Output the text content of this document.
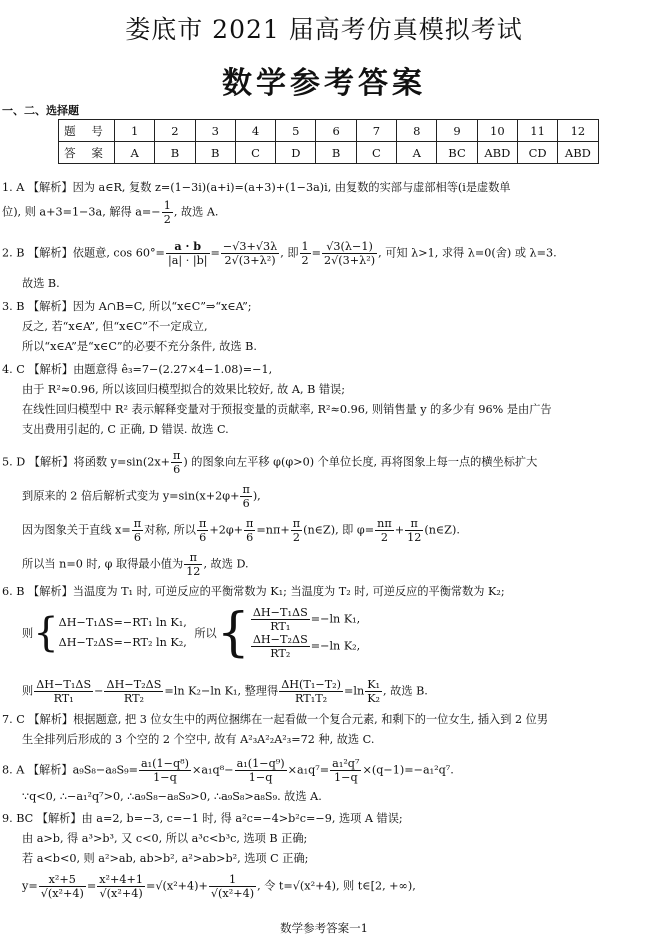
娄底市 2021 届高考仿真模拟考试
数学参考答案
一、二、选择题
题 号	1	2	3	4	5	6	7	8	9	10	11	12
答 案	A	B	B	C	D	B	C	A	BC	ABD	CD	ABD
1. A 【解析】因为 a∈R, 复数 z=(1−3i)(a+i)=(a+3)+(1−3a)i, 由复数的实部与虚部相等(i是虚数单
位), 则 a+3=1−3a, 解得 $a=- \frac{1}{2}$ , 故选 A.
2. B 【解析】依题意, $\cos 60^\circ= \frac{a \cdot b}{|a| \cdot |b|} = \frac{-√3+√3\lambda}{\text{2√(3+λ²)}}$ , 即 $\frac{1}{2} = \frac{√3(\lambda-1)}{\text{2√(3+λ²)}}$ , 可知 λ>1, 求得 λ=0(舍) 或 λ=3.
故选 B.
3. B 【解析】因为 A∩B=C, 所以“x∈C”⇒“x∈A”;
反之, 若“x∈A”, 但“x∈C”不一定成立,
所以“x∈A”是“x∈C”的必要不充分条件, 故选 B.
4. C 【解析】由题意得 ê₃=7−(2.27×4−1.08)=−1,
由于 R²≈0.96, 所以该回归模型拟合的效果比较好, 故 A, B 错误;
在线性回归模型中 R² 表示解释变量对于预报变量的贡献率, R²≈0.96, 则销售量 y 的多少有 96% 是由广告
支出费用引起的, C 正确, D 错误. 故选 C.
5. D 【解析】将函数 $y=\sin(2x+ \frac{\pi}{6}$ ) 的图象向左平移 φ(φ>0) 个单位长度, 再将图象上每一点的横坐标扩大
到原来的 2 倍后解析式变为 $y=\sin(x+2\varphi+ \frac{\pi}{6}$ ),
因为图象关于直线 $x= \frac{\pi}{6}$ 对称, 所以 $\frac{\pi}{6} +2\varphi+ \frac{\pi}{6} =n\pi+ \frac{\pi}{2}$ (n∈Z), 即 $\varphi= \frac{n\pi}{2} + \frac{\pi}{12}$ (n∈Z).
所以当 n=0 时, φ 取得最小值为 $\frac{\pi}{12}$ , 故选 D.
6. B 【解析】当温度为 T₁ 时, 可逆反应的平衡常数为 K₁; 当温度为 T₂ 时, 可逆反应的平衡常数为 K₂;
则{ ΔH−T₁ΔS=−RT₁ ln K₁,
ΔH−T₂ΔS=−RT₂ ln K₂,
所以{ $\frac{\text{ΔH−T₁ΔS}}{\text{RT₁}} =-\ln$ K₁,
$\frac{\text{ΔH−T₂ΔS}}{\text{RT₂}} =-\ln$ K₂,
则 $\frac{\text{ΔH−T₁ΔS}}{\text{RT₁}} - \frac{\text{ΔH−T₂ΔS}}{\text{RT₂}} =\ln$ K₂−ln K₁, 整理得 $\frac{\text{ΔH(T₁−T₂)}}{\text{RT₁T₂}} =\ln \frac{\text{K₁}}{\text{K₂}}$ , 故选 B.
7. C 【解析】根据题意, 把 3 位女生中的两位捆绑在一起看做一个复合元素, 和剩下的一位女生, 插入到 2 位男
生全排列后形成的 3 个空的 2 个空中, 故有 A²₃A²₂A²₃=72 种, 故选 C.
8. A 【解析】$a_9S_8-a_8S_9= \frac{\text{a₁(1−q⁸)}}{1-q} \times a_1q^8- \frac{\text{a₁(1−q⁹)}}{1-q} \times a_1q^7= \frac{\text{a₁²q⁷}}{1-q} \times(q-1)=-a_1^2q^7$.
∵q<0, ∴−a₁²q⁷>0, ∴a₉S₈−a₈S₉>0, ∴a₉S₈>a₈S₉. 故选 A.
9. BC 【解析】由 a=2, b=−3, c=−1 时, 得 a²c=−4>b²c=−9, 选项 A 错误;
由 a>b, 得 a³>b³, 又 c<0, 所以 a³c<b³c, 选项 B 正确;
若 a<b<0, 则 a²>ab, ab>b², a²>ab>b², 选项 C 正确;
$y= \frac{\text{x²+5}}{\text{√(x²+4)}} = \frac{\text{x²+4+1}}{\text{√(x²+4)}} =√(x^2+4)+ \frac{1}{\text{√(x²+4)}}$ , 令 t=√(x²+4), 则 t∈[2, +∞),
数学参考答案一1
